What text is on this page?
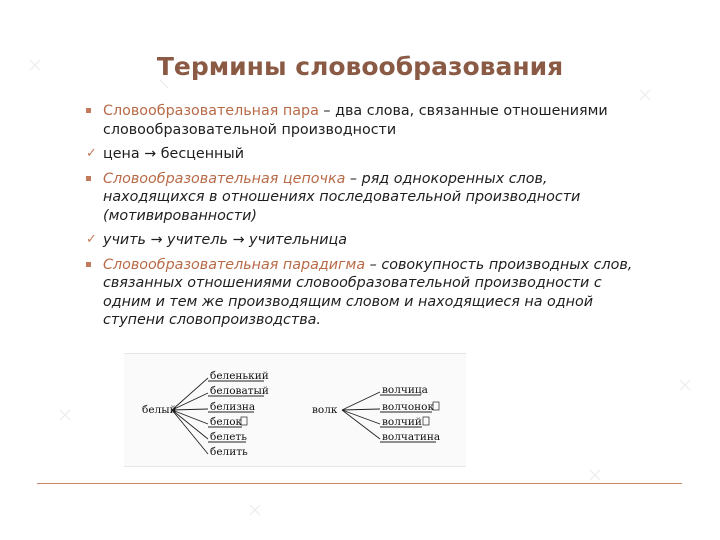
Термины словообразования
Словообразовательная пара – два слова, связанные отношениями словообразовательной производности
✓ цена → бесценный
Словообразовательная цепочка – ряд однокоренных слов, находящихся в отношениях последовательной производности (мотивированности)
✓ учить → учитель → учительница
Словообразовательная парадигма – совокупность производных слов, связанных отношениями словообразовательной производности с одним и тем же производящим словом и находящиеся на одной ступени словопроизводства.
белый
беленький
беловатый
белизна
белок
белеть
белить
волк
волчица
волчонок
волчий
волчатина
